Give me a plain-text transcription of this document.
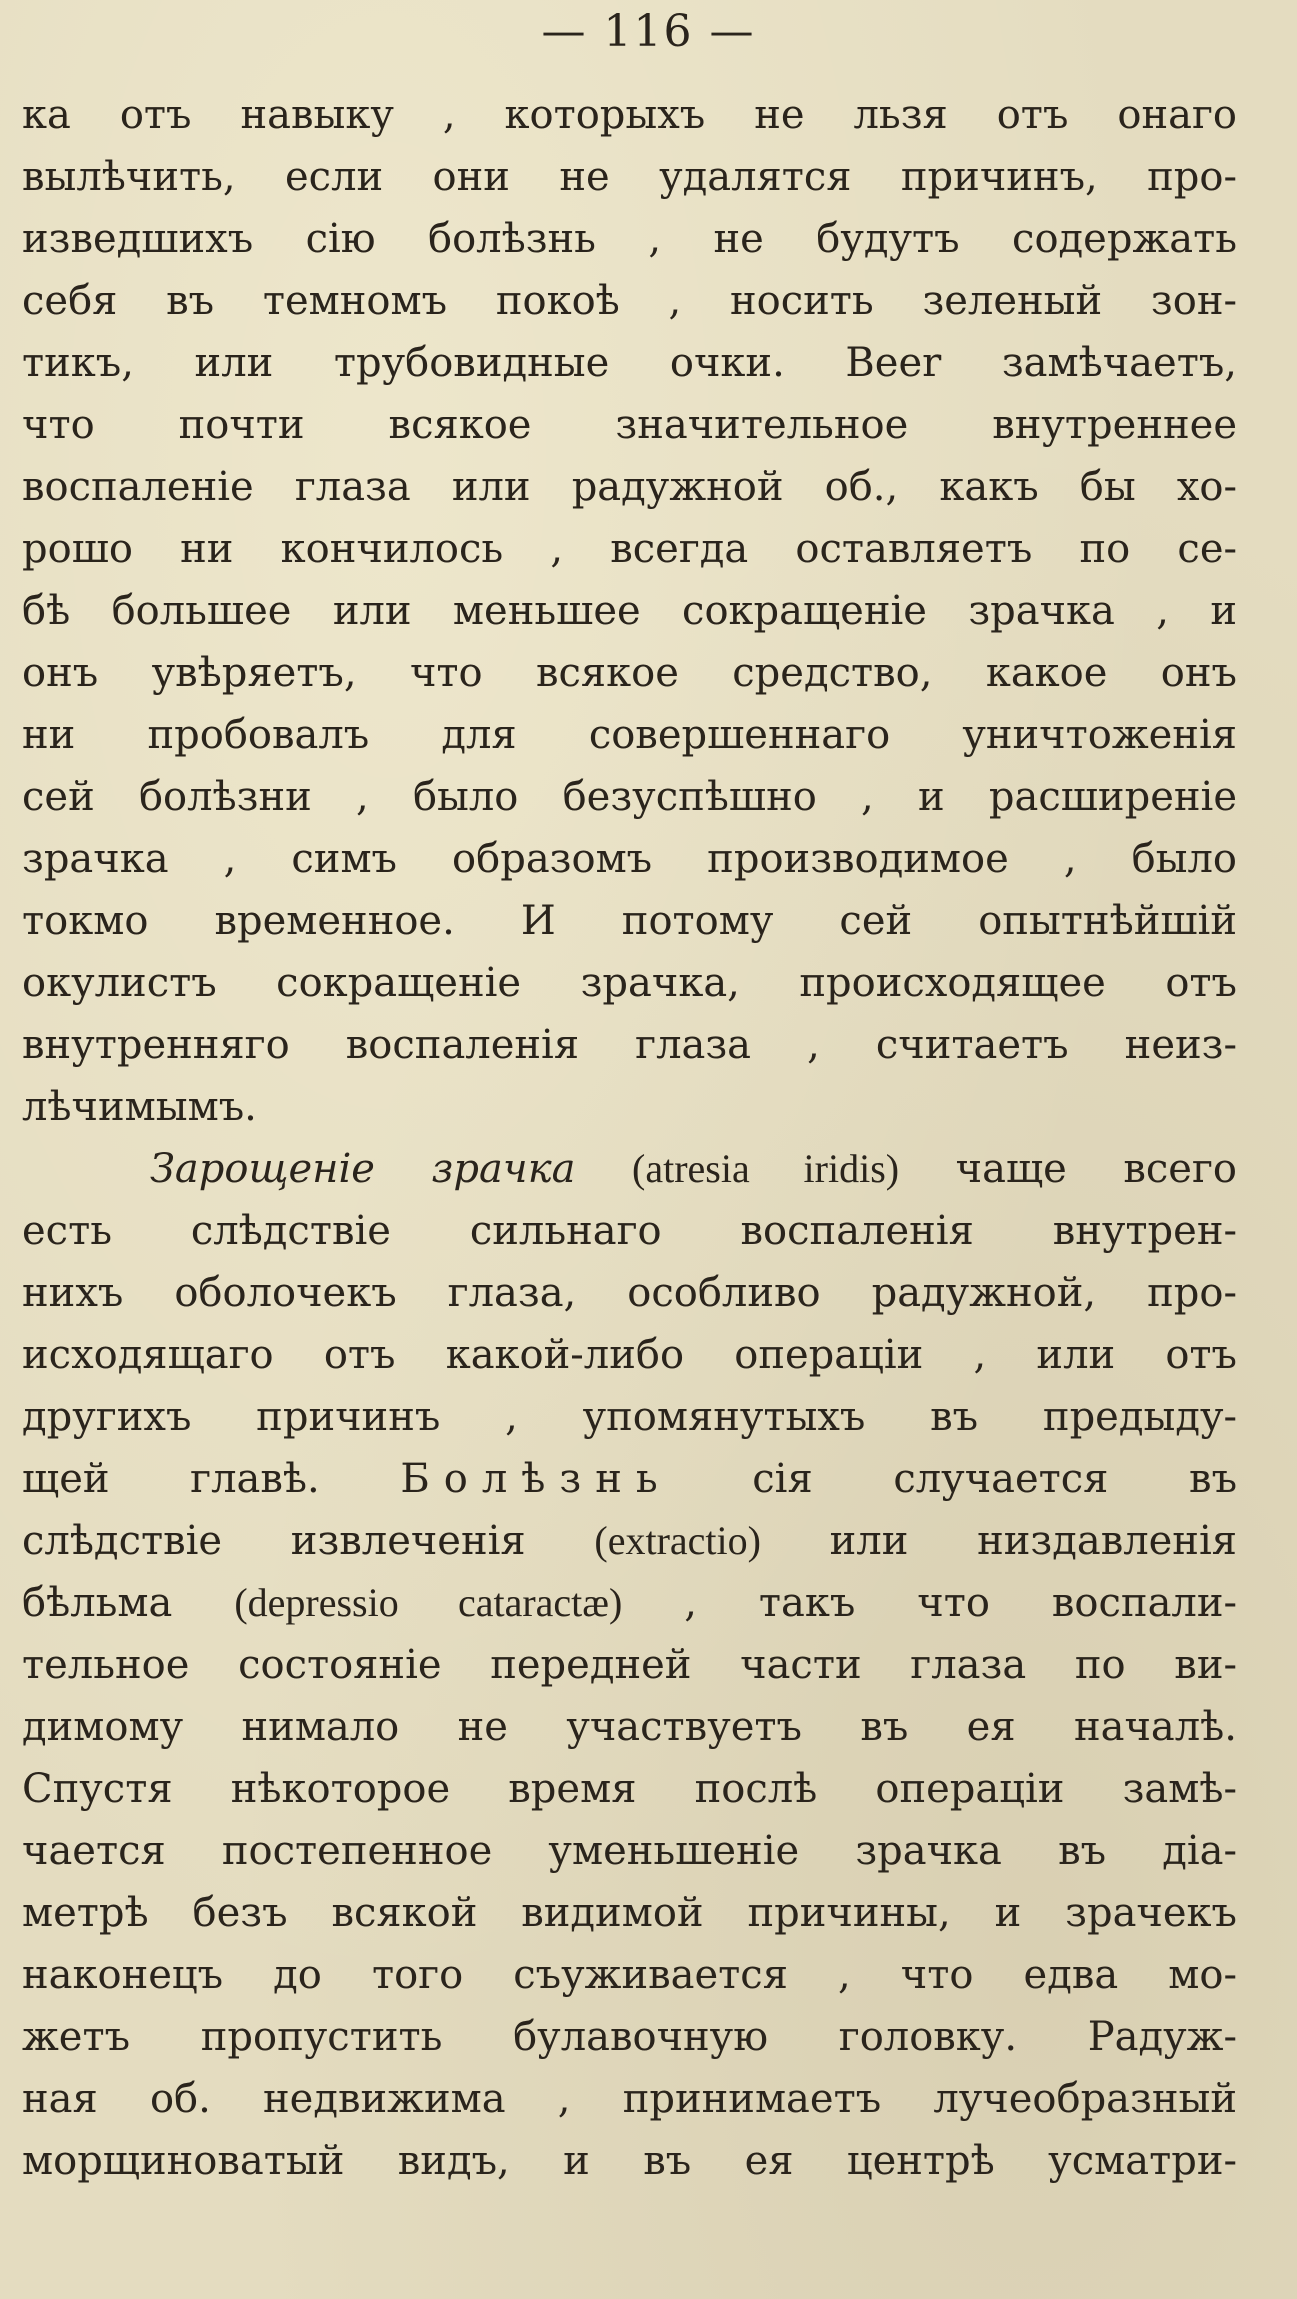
— 116 —
ка отъ навыку , которыхъ не льзя отъ онаго
вылѣчить, если они не удалятся причинъ, про-
изведшихъ сію болѣзнь , не будутъ содержать
себя въ темномъ покоѣ , носить зеленый зон-
тикъ, или трубовидные очки. Beer замѣчаетъ,
что почти всякое значительное внутреннее
воспаленіе глаза или радужной об., какъ бы хо-
рошо ни кончилось , всегда оставляетъ по се-
бѣ большее или меньшее сокращеніе зрачка , и
онъ увѣряетъ, что всякое средство, какое онъ
ни пробовалъ для совершеннаго уничтоженія
сей болѣзни , было безуспѣшно , и расширеніе
зрачка , симъ образомъ производимое , было
токмо временное. И потому сей опытнѣйшій
окулистъ сокращеніе зрачка, происходящее отъ
внутренняго воспаленія глаза , считаетъ неиз-
лѣчимымъ.
Зарощеніе зрачка (atresia iridis) чаще всего
есть слѣдствіе сильнаго воспаленія внутрен-
нихъ оболочекъ глаза, особливо радужной, про-
исходящаго отъ какой-либо операціи , или отъ
другихъ причинъ , упомянутыхъ въ предыду-
щей главѣ. Болѣзнь сія случается въ
слѣдствіе извлеченія (extractio) или низдавленія
бѣльма (depressio cataractæ) , такъ что воспали-
тельное состояніе передней части глаза по ви-
димому нимало не участвуетъ въ ея началѣ.
Спустя нѣкоторое время послѣ операціи замѣ-
чается постепенное уменьшеніе зрачка въ діа-
метрѣ безъ всякой видимой причины, и зрачекъ
наконецъ до того съуживается , что едва мо-
жетъ пропустить булавочную головку. Радуж-
ная об. недвижима , принимаетъ лучеобразный
морщиноватый видъ, и въ ея центрѣ усматри-
